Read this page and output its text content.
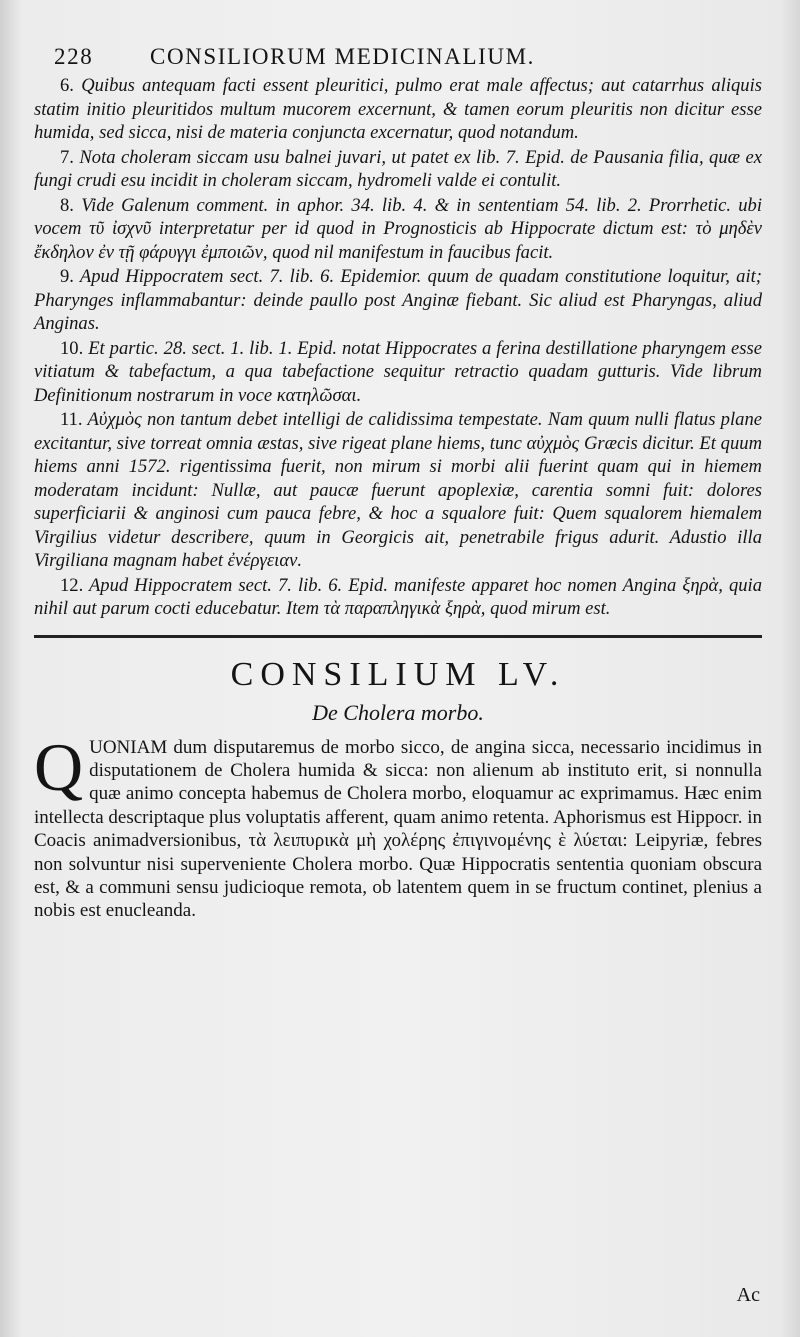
228	CONSILIORUM MEDICINALIUM.

6. Quibus antequam facti essent pleuritici, pulmo erat male affectus; aut catarrhus aliquis statim initio pleuritidos multum mucorem excernunt, & tamen eorum pleuritis non dicitur esse humida, sed sicca, nisi de materia conjuncta excernatur, quod notandum.

7. Nota choleram siccam usu balnei juvari, ut patet ex lib. 7. Epid. de Pausania filia, quæ ex fungi crudi esu incidit in choleram siccam, hydromeli valde ei contulit.

8. Vide Galenum comment. in aphor. 34. lib. 4. & in sententiam 54. lib. 2. Prorrhetic. ubi vocem τῦ ἰσχνῦ interpretatur per id quod in Prognosticis ab Hippocrate dictum est: τὸ μηδὲν ἔκδηλον ἐν τῇ φάρυγγι ἐμποιῶν, quod nil manifestum in faucibus facit.

9. Apud Hippocratem sect. 7. lib. 6. Epidemior. quum de quadam constitutione loquitur, ait; Pharynges inflammabantur: deinde paullo post Anginæ fiebant. Sic aliud est Pharyngas, aliud Anginas.

10. Et partic. 28. sect. 1. lib. 1. Epid. notat Hippocrates a ferina destillatione pharyngem esse vitiatum & tabefactum, a qua tabefactione sequitur retractio quadam gutturis. Vide librum Definitionum nostrarum in voce κατηλῶσαι.

11. Αὐχμὸς non tantum debet intelligi de calidissima tempestate. Nam quum nulli flatus plane excitantur, sive torreat omnia æstas, sive rigeat plane hiems, tunc αὐχμὸς Græcis dicitur. Et quum hiems anni 1572. rigentissima fuerit, non mirum si morbi alii fuerint quam qui in hiemem moderatam incidunt: Nullæ, aut paucæ fuerunt apoplexiæ, carentia somni fuit: dolores superficiarii & anginosi cum pauca febre, & hoc a squalore fuit: Quem squalorem hiemalem Virgilius videtur describere, quum in Georgicis ait, penetrabile frigus adurit. Adustio illa Virgiliana magnam habet ἐνέργειαν.

12. Apud Hippocratem sect. 7. lib. 6. Epid. manifeste apparet hoc nomen Angina ξηρὰ, quia nihil aut parum cocti educebatur. Item τὰ παραπληγικὰ ξηρὰ, quod mirum est.

CONSILIUM LV.
De Cholera morbo.

QUONIAM dum disputaremus de morbo sicco, de angina sicca, necessario incidimus in disputationem de Cholera humida & sicca: non alienum ab instituto erit, si nonnulla quæ animo concepta habemus de Cholera morbo, eloquamur ac exprimamus. Hæc enim intellecta descriptaque plus voluptatis afferent, quam animo retenta. Aphorismus est Hippocr. in Coacis animadversionibus, τὰ λειπυρικὰ μὴ χολέρης ἐπιγινομένης ὲ λύεται: Leipyriæ, febres non solvuntur nisi superveniente Cholera morbo. Quæ Hippocratis sententia quoniam obscura est, & a communi sensu judicioque remota, ob latentem quem in se fructum continet, plenius a nobis est enucleanda.

Ac
